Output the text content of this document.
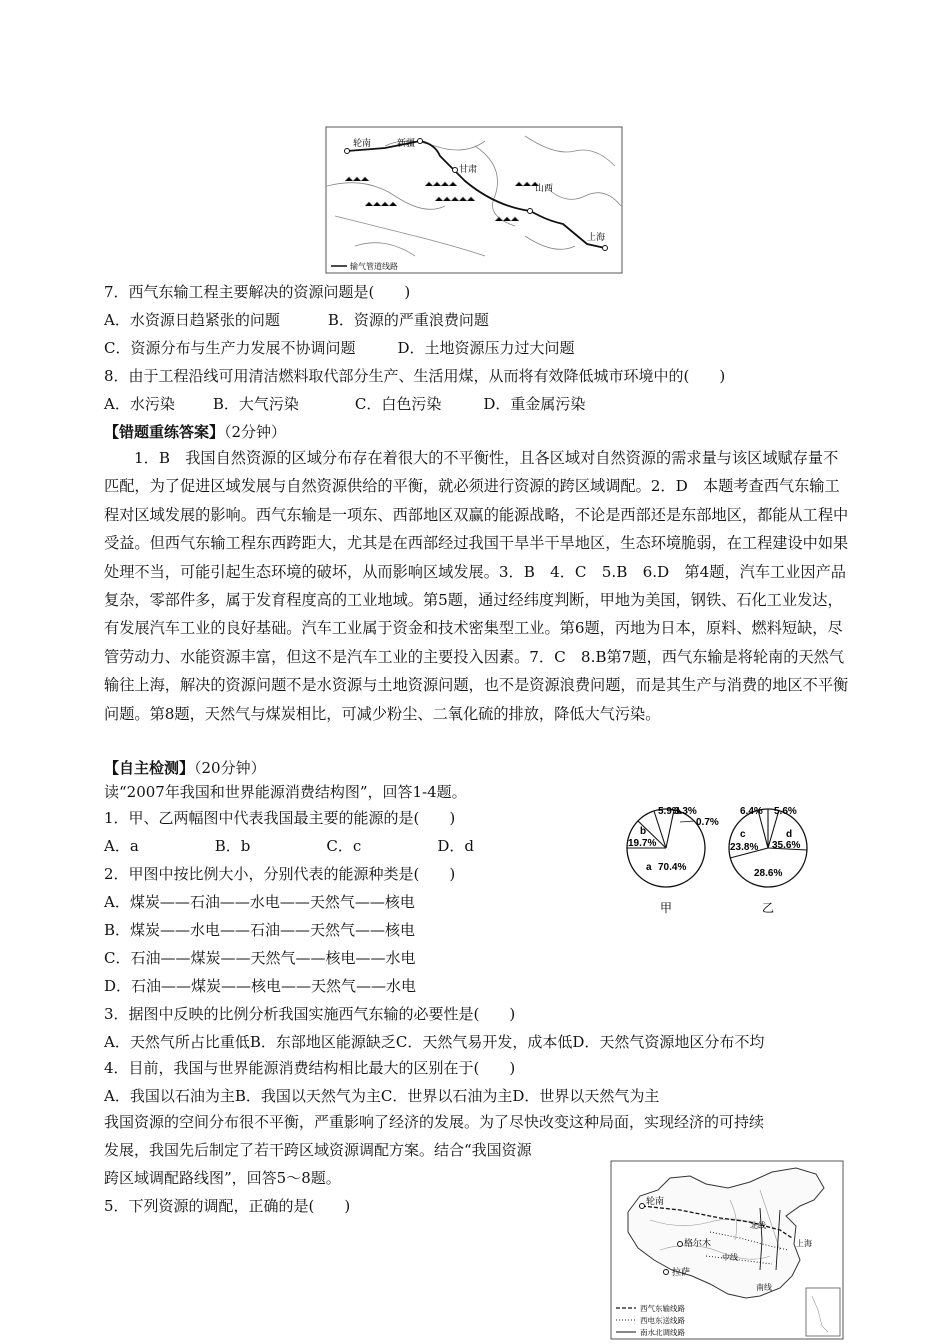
轮南	新疆
甘肃
山西
上海
输气管道线路
7．西气东输工程主要解决的资源问题是(　　)
A．水资源日趋紧张的问题	B．资源的严重浪费问题
C．资源分布与生产力发展不协调问题	D．土地资源压力过大问题
8．由于工程沿线可用清洁燃料取代部分生产、生活用煤，从而将有效降低城市环境中的(　　)
A．水污染	B．大气污染	C．白色污染	D．重金属污染
【错题重练答案】（2分钟）

1．B　我国自然资源的区域分布存在着很大的不平衡性，且各区域对自然资源的需求量与该区域赋存量不匹配，为了促进区域发展与自然资源供给的平衡，就必须进行资源的跨区域调配。2．D　本题考查西气东输工程对区域发展的影响。西气东输是一项东、西部地区双赢的能源战略，不论是西部还是东部地区，都能从工程中受益。但西气东输工程东西跨距大，尤其是在西部经过我国干旱半干旱地区，生态环境脆弱，在工程建设中如果处理不当，可能引起生态环境的破坏，从而影响区域发展。3．B　4．C　5.B　6.D　第4题，汽车工业因产品复杂，零部件多，属于发育程度高的工业地域。第5题，通过经纬度判断，甲地为美国，钢铁、石化工业发达，有发展汽车工业的良好基础。汽车工业属于资金和技术密集型工业。第6题，丙地为日本，原料、燃料短缺，尽管劳动力、水能资源丰富，但这不是汽车工业的主要投入因素。7．C　8.B第7题，西气东输是将轮南的天然气输往上海，解决的资源问题不是水资源与土地资源问题，也不是资源浪费问题，而是其生产与消费的地区不平衡问题。第8题，天然气与煤炭相比，可减少粉尘、二氧化硫的排放，降低大气污染。

【自主检测】（20分钟）
读“2007年我国和世界能源消费结构图”，回答1-4题。
1．甲、乙两幅图中代表我国最主要的能源的是(　　)
A．a	B．b	C．c	D．d
2．甲图中按比例大小，分别代表的能源种类是(　　)
A．煤炭——石油——水电——天然气——核电
B．煤炭——水电——石油——天然气——核电
C．石油——煤炭——天然气——核电——水电
D．石油——煤炭——核电——天然气——水电
3．据图中反映的比例分析我国实施西气东输的必要性是(　　)
A．天然气所占比重低B．东部地区能源缺乏C．天然气易开发，成本低D．天然气资源地区分布不均
4．目前，我国与世界能源消费结构相比最大的区别在于(　　)
A．我国以石油为主B．我国以天然气为主C．世界以石油为主D．世界以天然气为主
我国资源的空间分布很不平衡，严重影响了经济的发展。为了尽快改变这种局面，实现经济的可持续
发展，我国先后制定了若干跨区域资源调配方案。结合“我国资源
跨区域调配路线图”，回答5～8题。
5．下列资源的调配，正确的是(　　)
5.9%
3.3%
0.7%
b
19.7%
a 70.4%
甲
6.4% 5.6%
c
23.8%
d
35.6%
28.6%
乙
轮南
格尔木
拉萨
北线
中线
南线
上海
西气东输线路
西电东送线路
南水北调线路
